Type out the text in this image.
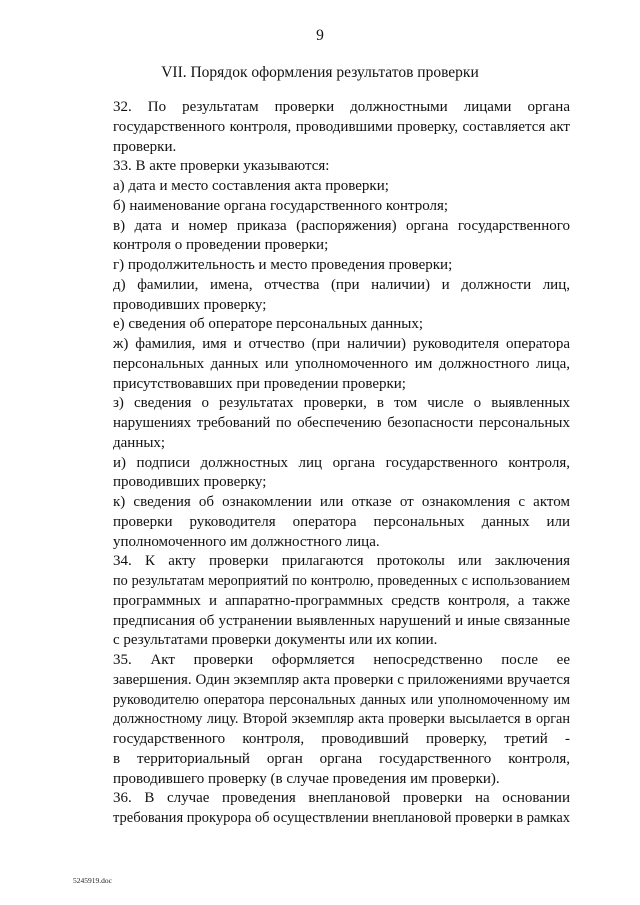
9
VII. Порядок оформления результатов проверки
32. По результатам проверки должностными лицами органа
государственного контроля, проводившими проверку, составляется акт
проверки.
33. В акте проверки указываются:
а) дата и место составления акта проверки;
б) наименование органа государственного контроля;
в) дата и номер приказа (распоряжения) органа государственного
контроля о проведении проверки;
г) продолжительность и место проведения проверки;
д) фамилии, имена, отчества (при наличии) и должности лиц,
проводивших проверку;
е) сведения об операторе персональных данных;
ж) фамилия, имя и отчество (при наличии) руководителя оператора
персональных данных или уполномоченного им должностного лица,
присутствовавших при проведении проверки;
з) сведения о результатах проверки, в том числе о выявленных
нарушениях требований по обеспечению безопасности персональных
данных;
и) подписи должностных лиц органа государственного контроля,
проводивших проверку;
к) сведения об ознакомлении или отказе от ознакомления с актом
проверки руководителя оператора персональных данных или
уполномоченного им должностного лица.
34. К акту проверки прилагаются протоколы или заключения
по результатам мероприятий по контролю, проведенных с использованием
программных и аппаратно-программных средств контроля, а также
предписания об устранении выявленных нарушений и иные связанные
с результатами проверки документы или их копии.
35. Акт проверки оформляется непосредственно после ее
завершения. Один экземпляр акта проверки с приложениями вручается
руководителю оператора персональных данных или уполномоченному им
должностному лицу. Второй экземпляр акта проверки высылается в орган
государственного контроля, проводивший проверку, третий -
в территориальный орган органа государственного контроля,
проводившего проверку (в случае проведения им проверки).
36. В случае проведения внеплановой проверки на основании
требования прокурора об осуществлении внеплановой проверки в рамках
5245919.doc
